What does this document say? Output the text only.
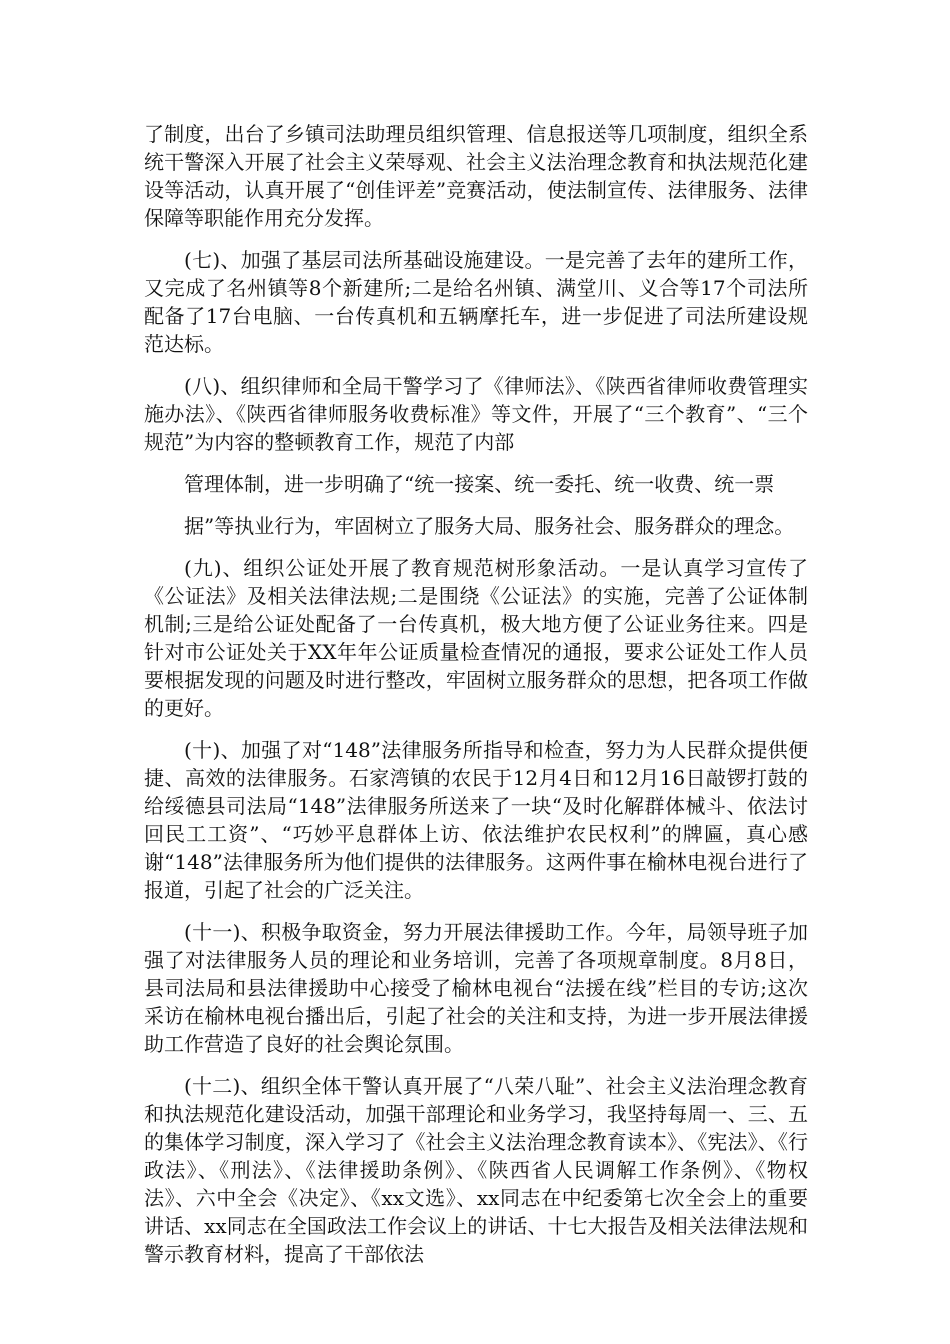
了制度，出台了乡镇司法助理员组织管理、信息报送等几项制度，组织全系统干警深入开展了社会主义荣辱观、社会主义法治理念教育和执法规范化建设等活动，认真开展了“创佳评差”竞赛活动，使法制宣传、法律服务、法律保障等职能作用充分发挥。

(七)、加强了基层司法所基础设施建设。一是完善了去年的建所工作，又完成了名州镇等8个新建所;二是给名州镇、满堂川、义合等17个司法所配备了17台电脑、一台传真机和五辆摩托车，进一步促进了司法所建设规范达标。

(八)、组织律师和全局干警学习了《律师法》、《陕西省律师收费管理实施办法》、《陕西省律师服务收费标准》等文件，开展了“三个教育”、“三个规范”为内容的整顿教育工作，规范了内部

管理体制，进一步明确了“统一接案、统一委托、统一收费、统一票

据”等执业行为，牢固树立了服务大局、服务社会、服务群众的理念。

(九)、组织公证处开展了教育规范树形象活动。一是认真学习宣传了《公证法》及相关法律法规;二是围绕《公证法》的实施，完善了公证体制机制;三是给公证处配备了一台传真机，极大地方便了公证业务往来。四是针对市公证处关于XX年年公证质量检查情况的通报，要求公证处工作人员要根据发现的问题及时进行整改，牢固树立服务群众的思想，把各项工作做的更好。

(十)、加强了对“148”法律服务所指导和检查，努力为人民群众提供便捷、高效的法律服务。石家湾镇的农民于12月4日和12月16日敲锣打鼓的给绥德县司法局“148”法律服务所送来了一块“及时化解群体械斗、依法讨回民工工资”、“巧妙平息群体上访、依法维护农民权利”的牌匾，真心感谢“148”法律服务所为他们提供的法律服务。这两件事在榆林电视台进行了报道，引起了社会的广泛关注。

(十一)、积极争取资金，努力开展法律援助工作。今年，局领导班子加强了对法律服务人员的理论和业务培训，完善了各项规章制度。8月8日，县司法局和县法律援助中心接受了榆林电视台“法援在线”栏目的专访;这次采访在榆林电视台播出后，引起了社会的关注和支持，为进一步开展法律援助工作营造了良好的社会舆论氛围。

(十二)、组织全体干警认真开展了“八荣八耻”、社会主义法治理念教育和执法规范化建设活动，加强干部理论和业务学习，我坚持每周一、三、五的集体学习制度，深入学习了《社会主义法治理念教育读本》、《宪法》、《行政法》、《刑法》、《法律援助条例》、《陕西省人民调解工作条例》、《物权法》、六中全会《决定》、《xx文选》、xx同志在中纪委第七次全会上的重要讲话、xx同志在全国政法工作会议上的讲话、十七大报告及相关法律法规和警示教育材料，提高了干部依法
